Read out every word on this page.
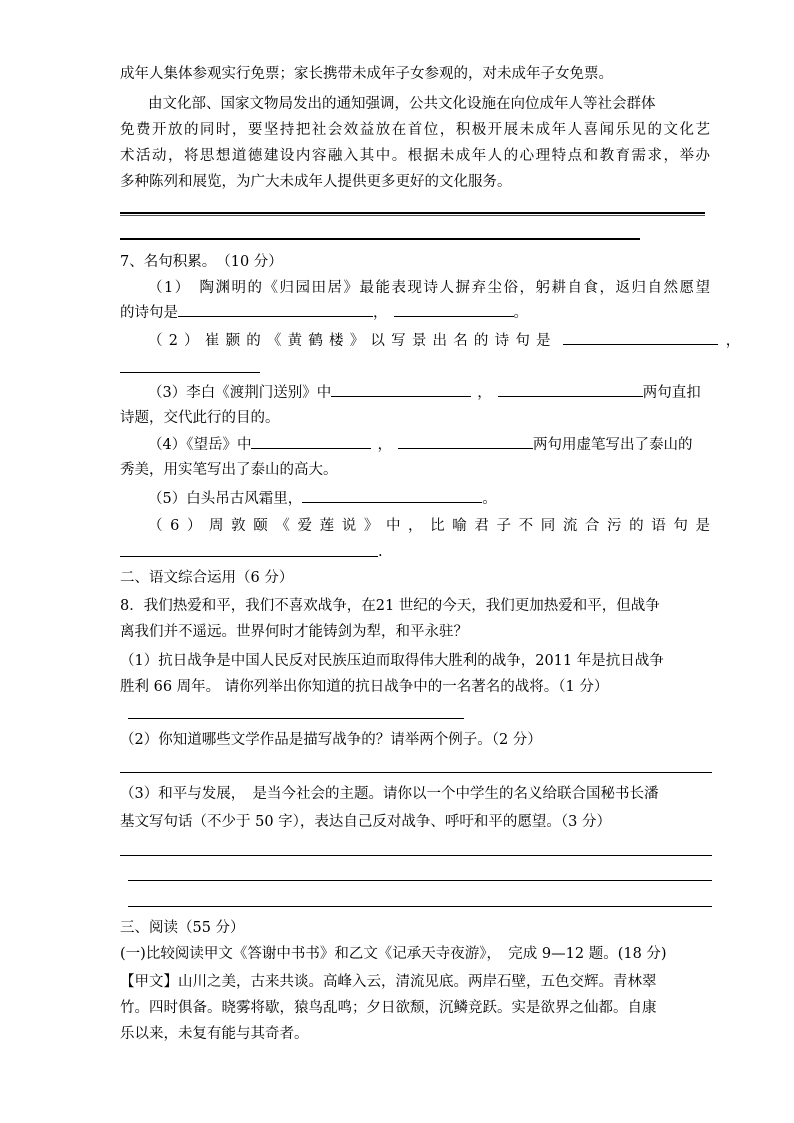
成年人集体参观实行免票；家长携带未成年子女参观的，对未成年子女免票。
由文化部、国家文物局发出的通知强调，公共文化设施在向位成年人等社会群体
免费开放的同时，要坚持把社会效益放在首位，积极开展未成年人喜闻乐见的文化艺
术活动，将思想道德建设内容融入其中。根据未成年人的心理特点和教育需求，举办
多种陈列和展览，为广大未成年人提供更多更好的文化服务。
7、名句积累。　（10 分）
（1）　陶渊明的《归园田居》最能表现诗人摒弃尘俗，躬耕自食，返归自然愿望
的诗句是	，	。
（2）崔颢的《黄鹤楼》以写景出名的诗句是	，
（3）李白《渡荆门送别》中	，	两句直扣
诗题，交代此行的目的。
（4）《望岳》中	，	两句用虚笔写出了泰山的
秀美，用实笔写出了泰山的高大。
（5）白头吊古风霜里，	。
（6）周敦颐《爱莲说》中，比喻君子不同流合污的语句是
.
二、语文综合运用（6 分）
8．我们热爱和平，我们不喜欢战争，在21 世纪的今天，我们更加热爱和平，但战争
离我们并不遥远。世界何时才能铸剑为犁，和平永驻？
（1）抗日战争是中国人民反对民族压迫而取得伟大胜利的战争，2011 年是抗日战争
胜利 66 周年。 请你列举出你知道的抗日战争中的一名著名的战将。（1 分）
（2）你知道哪些文学作品是描写战争的？请举两个例子。（2 分）
（3）和平与发展，　是当今社会的主题。请你以一个中学生的名义给联合国秘书长潘
基文写句话（不少于 50 字），表达自己反对战争、呼吁和平的愿望。（3 分）
三、阅读（55 分）
(一)比较阅读甲文《答谢中书书》和乙文《记承天寺夜游》，　完成 9—12 题。(18 分)
【甲文】山川之美，古来共谈。高峰入云，清流见底。两岸石壁，五色交辉。青林翠
竹。四时俱备。晓雾将歇，猿鸟乱鸣；夕日欲颓，沉鳞竞跃。实是欲界之仙都。自康
乐以来，未复有能与其奇者。
